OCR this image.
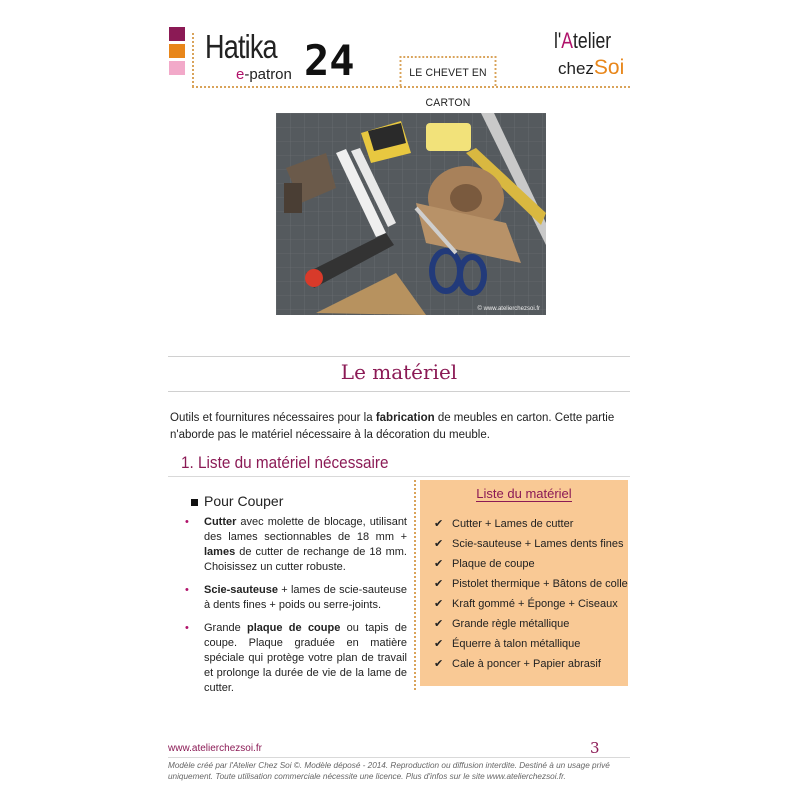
Hatika
e-patron 24	LE CHEVET EN CARTON
l'Atelier
chezSoi
© www.atelierchezsoi.fr
Le matériel
Outils et fournitures nécessaires pour la fabrication de meubles en carton. Cette partie n'aborde pas le matériel nécessaire à la décoration du meuble.
1. Liste du matériel nécessaire
Pour Couper
• Cutter avec molette de blocage, utilisant des lames sectionnables de 18 mm + lames de cutter de rechange de 18 mm. Choisissez un cutter robuste.
• Scie-sauteuse + lames de scie-sauteuse à dents fines + poids ou serre-joints.
• Grande plaque de coupe ou tapis de coupe. Plaque graduée en matière spéciale qui protège votre plan de travail et prolonge la durée de vie de la lame de cutter.
Liste du matériel
✔ Cutter + Lames de cutter
✔ Scie-sauteuse + Lames dents fines
✔ Plaque de coupe
✔ Pistolet thermique + Bâtons de colle
✔ Kraft gommé + Éponge + Ciseaux
✔ Grande règle métallique
✔ Équerre à talon métallique
✔ Cale à poncer + Papier abrasif
www.atelierchezsoi.fr	3
Modèle créé par l'Atelier Chez Soi ©. Modèle déposé - 2014. Reproduction ou diffusion interdite. Destiné à un usage privé uniquement. Toute utilisation commerciale nécessite une licence. Plus d'infos sur le site www.atelierchezsoi.fr.
